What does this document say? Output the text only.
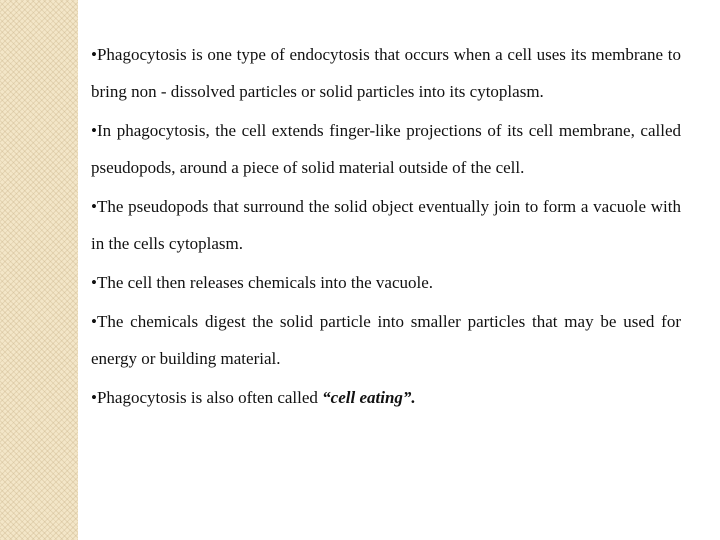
•Phagocytosis is one type of endocytosis that occurs when a cell uses its membrane to bring non - dissolved particles or solid particles into its cytoplasm.

•In phagocytosis, the cell extends finger-like projections of its cell membrane, called pseudopods, around a piece of solid material outside of the cell.

•The pseudopods that surround the solid object eventually join to form a vacuole with in the cells cytoplasm.

•The cell then releases chemicals into the vacuole.

•The chemicals digest the solid particle into smaller particles that may be used for energy or building material.

•Phagocytosis is also often called “cell eating”.
